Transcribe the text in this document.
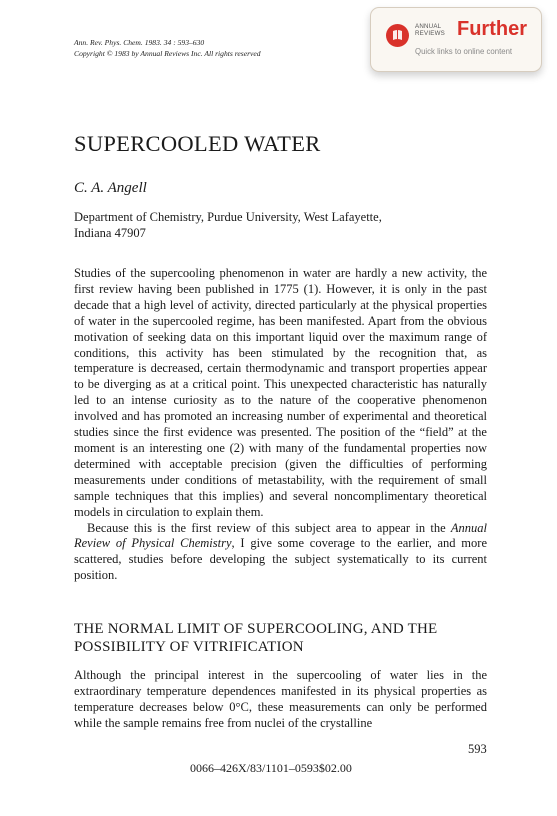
Ann. Rev. Phys. Chem. 1983. 34 : 593–630
Copyright © 1983 by Annual Reviews Inc. All rights reserved
ANNUAL
REVIEWS Further
Quick links to online content
SUPERCOOLED WATER
C. A. Angell
Department of Chemistry, Purdue University, West Lafayette,
Indiana 47907

Studies of the supercooling phenomenon in water are hardly a new activity, the first review having been published in 1775 (1). However, it is only in the past decade that a high level of activity, directed particularly at the physical properties of water in the supercooled regime, has been manifested. Apart from the obvious motivation of seeking data on this important liquid over the maximum range of conditions, this activity has been stimulated by the recognition that, as temperature is decreased, certain thermodynamic and transport properties appear to be diverging as at a critical point. This unexpected characteristic has naturally led to an intense curiosity as to the nature of the cooperative phenomenon involved and has promoted an increasing number of experimental and theoretical studies since the first evidence was presented. The position of the “field” at the moment is an interesting one (2) with many of the fundamental properties now determined with acceptable precision (given the difficulties of performing measurements under conditions of metastability, with the requirement of small sample techniques that this implies) and several noncomplimentary theoretical models in circulation to explain them.

Because this is the first review of this subject area to appear in the Annual Review of Physical Chemistry, I give some coverage to the earlier, and more scattered, studies before developing the subject systematically to its current position.

THE NORMAL LIMIT OF SUPERCOOLING, AND THE POSSIBILITY OF VITRIFICATION

Although the principal interest in the supercooling of water lies in the extraordinary temperature dependences manifested in its physical properties as temperature decreases below 0°C, these measurements can only be performed while the sample remains free from nuclei of the crystalline

593
0066–426X/83/1101–0593$02.00
